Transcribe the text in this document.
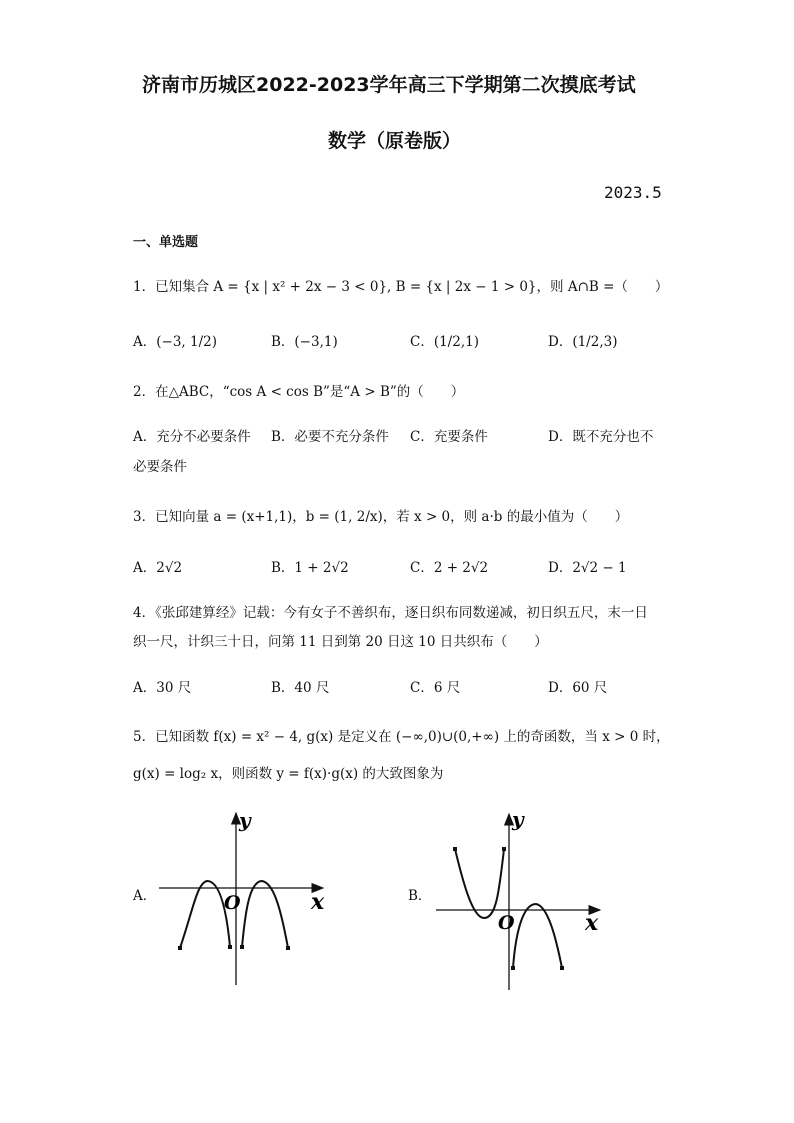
济南市历城区2022-2023学年高三下学期第二次摸底考试
数学（原卷版）
2023.5
一、单选题
1．已知集合 A = {x | x² + 2x − 3 < 0}, B = {x | 2x − 1 > 0}，则 A∩B =（　　）
A．(−3, 1/2)	B．(−3,1)	C．(1/2,1)	D．(1/2,3)
2．在△ABC，“cos A < cos B”是“A > B”的（　　）
A．充分不必要条件 B．必要不充分条件 C．充要条件	D．既不充分也不
必要条件
3．已知向量 a = (x+1,1)，b = (1, 2/x)，若 x > 0，则 a·b 的最小值为（　　）
A．2√2	B．1 + 2√2	C．2 + 2√2	D．2√2 − 1
4．《张邱建算经》记载：今有女子不善织布，逐日织布同数递减，初日织五尺，末一日
织一尺，计织三十日，问第 11 日到第 20 日这 10 日共织布（　　）
A．30 尺	B．40 尺	C．6 尺	D．60 尺
5．已知函数 f(x) = x² − 4, g(x) 是定义在 (−∞,0)∪(0,+∞) 上的奇函数，当 x > 0 时，
g(x) = log₂ x，则函数 y = f(x)·g(x) 的大致图象为
A．	B．
y
x
O
y
x
O
